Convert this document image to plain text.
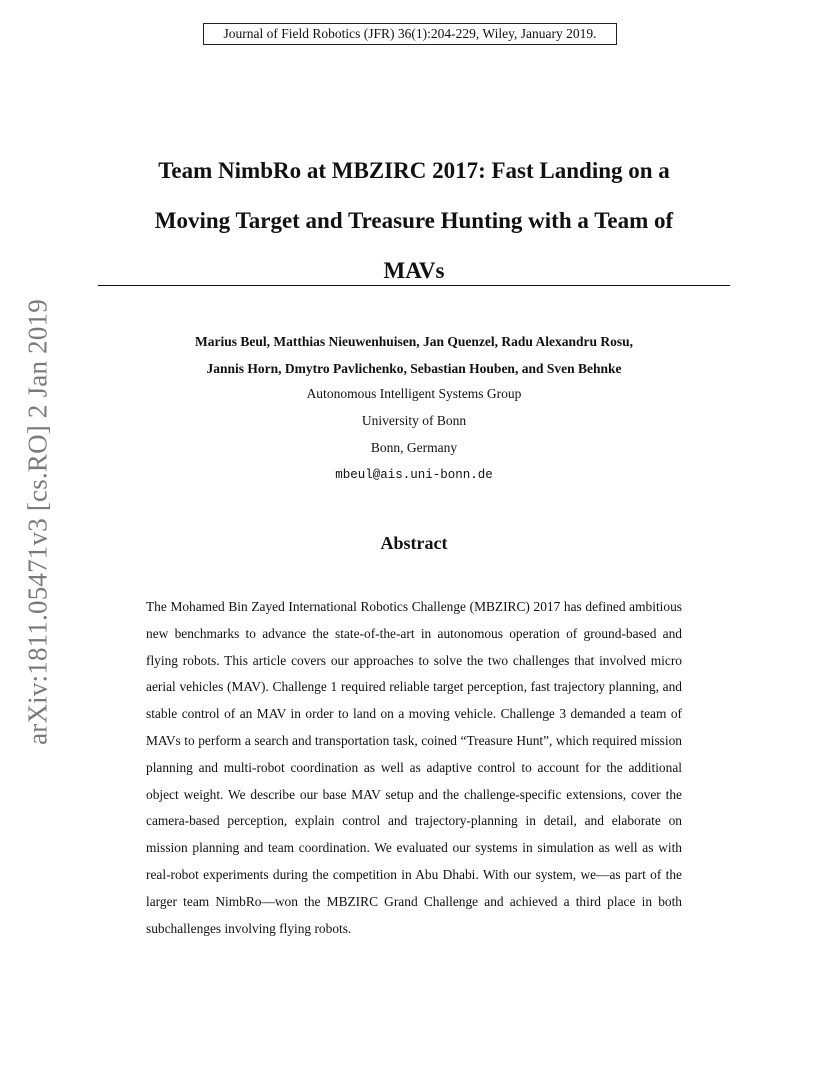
Journal of Field Robotics (JFR) 36(1):204-229, Wiley, January 2019.
arXiv:1811.05471v3 [cs.RO] 2 Jan 2019
Team NimbRo at MBZIRC 2017: Fast Landing on a
Moving Target and Treasure Hunting with a Team of
MAVs
Marius Beul, Matthias Nieuwenhuisen, Jan Quenzel, Radu Alexandru Rosu,
Jannis Horn, Dmytro Pavlichenko, Sebastian Houben, and Sven Behnke
Autonomous Intelligent Systems Group
University of Bonn
Bonn, Germany
mbeul@ais.uni-bonn.de
Abstract

The Mohamed Bin Zayed International Robotics Challenge (MBZIRC) 2017 has defined ambitious new benchmarks to advance the state-of-the-art in autonomous operation of ground-based and flying robots. This article covers our approaches to solve the two challenges that involved micro aerial vehicles (MAV). Challenge 1 required reliable target perception, fast trajectory planning, and stable control of an MAV in order to land on a moving vehicle. Challenge 3 demanded a team of MAVs to perform a search and transportation task, coined “Treasure Hunt”, which required mission planning and multi-robot coordination as well as adaptive control to account for the additional object weight. We describe our base MAV setup and the challenge-specific extensions, cover the camera-based perception, explain control and trajectory-planning in detail, and elaborate on mission planning and team coordination. We evaluated our systems in simulation as well as with real-robot experiments during the competition in Abu Dhabi. With our system, we—as part of the larger team NimbRo—won the MBZIRC Grand Challenge and achieved a third place in both subchallenges involving flying robots.
